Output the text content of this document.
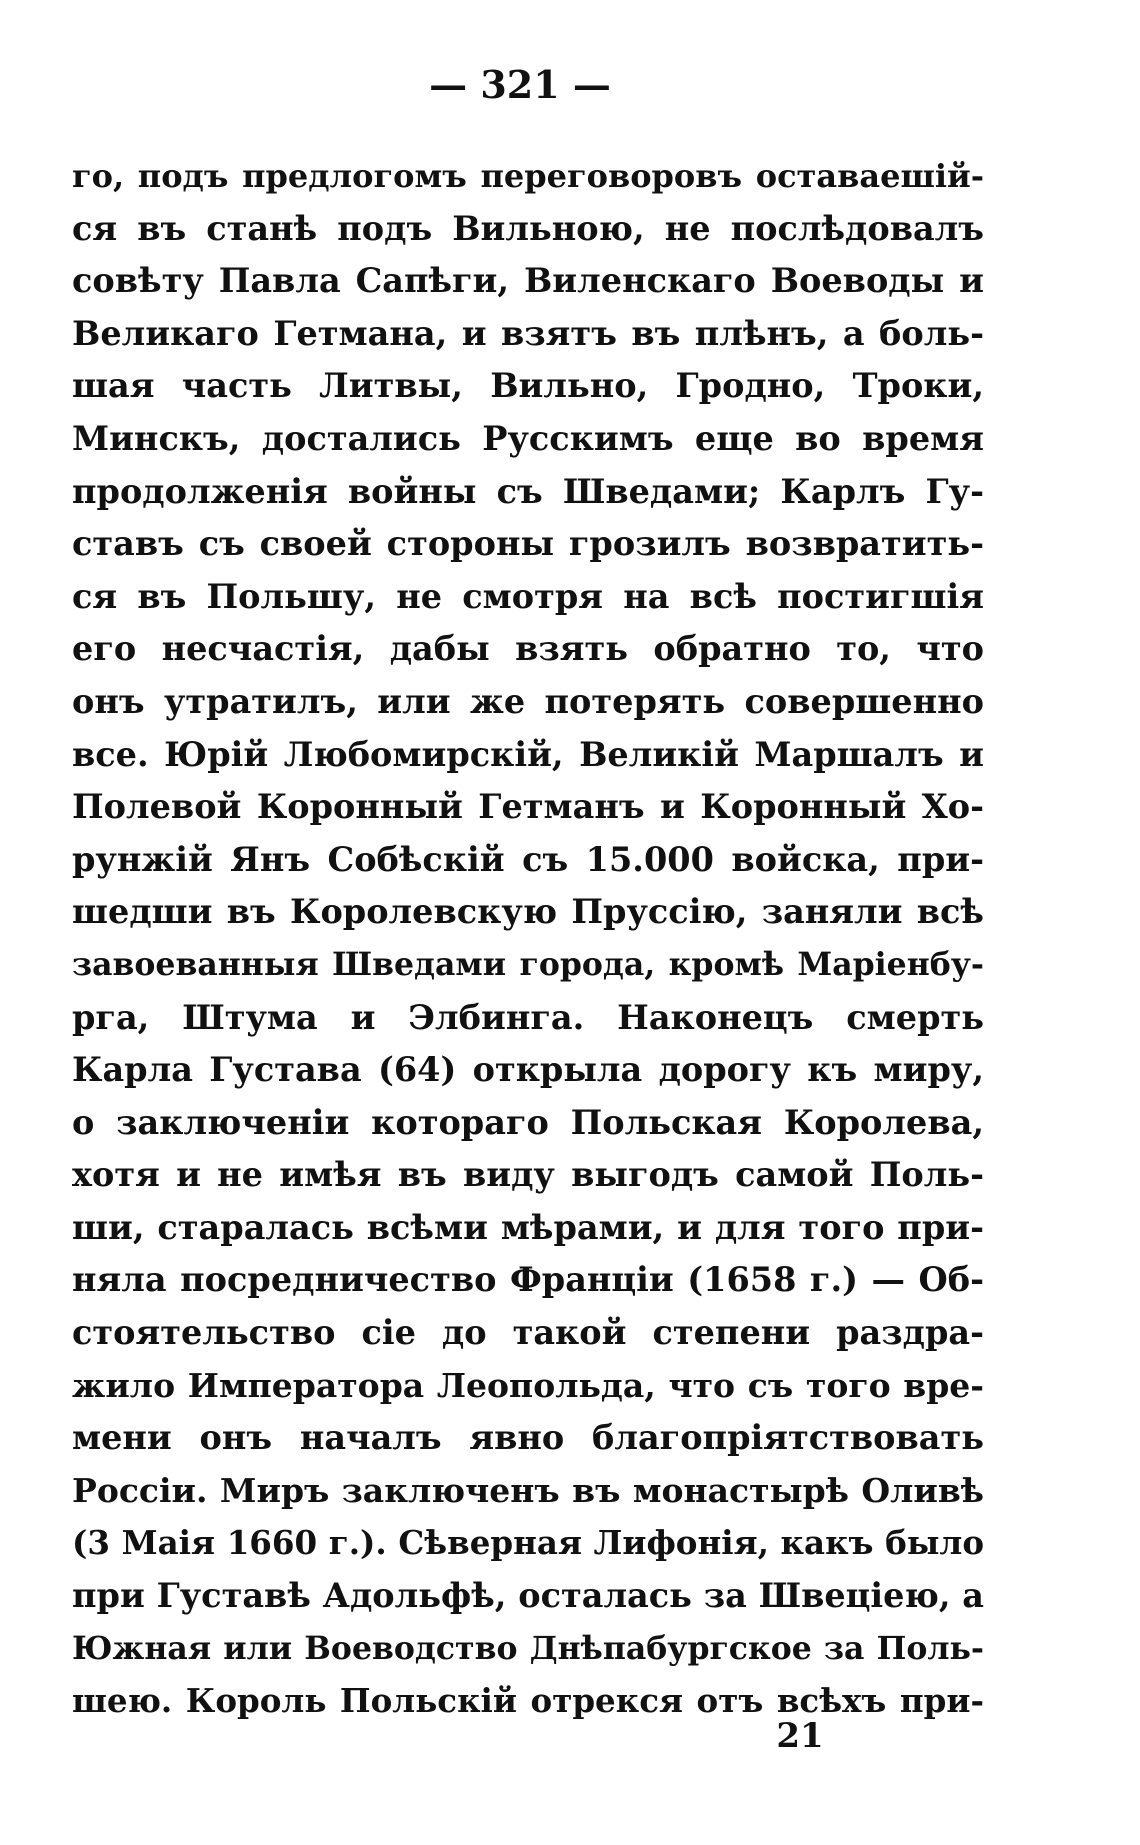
— 321 —
го, подъ предлогомъ переговоровъ оставаешій-
ся въ станѣ подъ Вильною, не послѣдовалъ
совѣту Павла Сапѣги, Виленскаго Воеводы и
Великаго Гетмана, и взятъ въ плѣнъ, а боль-
шая часть Литвы, Вильно, Гродно, Троки,
Минскъ, достались Русскимъ еще во время
продолженія войны съ Шведами; Карлъ Гу-
ставъ съ своей стороны грозилъ возвратить-
ся въ Польшу, не смотря на всѣ постигшія
его несчастія, дабы взять обратно то, что
онъ утратилъ, или же потерять совершенно
все. Юрій Любомирскій, Великій Маршалъ и
Полевой Коронный Гетманъ и Коронный Хо-
рунжій Янъ Собѣскій съ 15.000 войска, при-
шедши въ Королевскую Пруссію, заняли всѣ
завоеванныя Шведами города, кромѣ Маріенбу-
рга, Штума и Элбинга. Наконецъ смерть
Карла Густава (64) открыла дорогу къ миру,
о заключеніи котораго Польская Королева,
хотя и не имѣя въ виду выгодъ самой Поль-
ши, старалась всѣми мѣрами, и для того при-
няла посредничество Франціи (1658 г.) — Об-
стоятельство сіе до такой степени раздра-
жило Императора Леопольда, что съ того вре-
мени онъ началъ явно благопріятствовать
Россіи. Миръ заключенъ въ монастырѣ Оливѣ
(3 Маія 1660 г.). Сѣверная Лифонія, какъ было
при Густавѣ Адольфѣ, осталась за Швеціею, а
Южная или Воеводство Днѣпабургское за Поль-
шею. Король Польскій отрекся отъ всѣхъ при-
21
